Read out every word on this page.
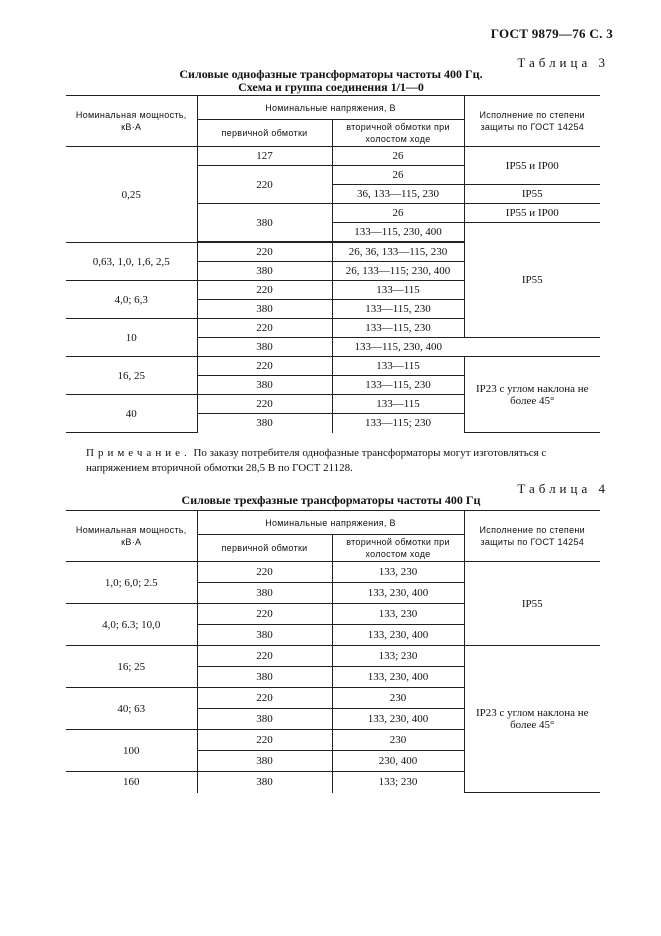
ГОСТ 9879—76 С. 3
Таблица 3
Силовые однофазные трансформаторы частоты 400 Гц.
Схема и группа соединения 1/1—0
Номинальная мощность, кВ·А	Номинальные напряжения, В		Исполнение по степени защиты по ГОСТ 14254
	первичной обмотки	вторичной обмотки при холостом ходе	
0,25	127	26	IP55 и IP00
	220	26	
		36, 133—115, 230	IP55
	380	26	IP55 и IP00
		133—115, 230, 400	IP55

0,63, 1,0, 1,6, 2,5	220	26, 36, 133—115, 230	
	380	26, 133—115; 230, 400	
4,0; 6,3	220	133—115	
	380	133—115, 230	
10	220	133—115, 230	
	380	133—115, 230, 400	
16, 25	220	133—115	IP23 с углом наклона не более 45°
	380	133—115, 230	
40	220	133—115	
	380	133—115; 230	
Примечание. По заказу потребителя однофазные трансформаторы могут изготовляться с напряжением вторичной обмотки 28,5 В по ГОСТ 21128.
Таблица 4
Силовые трехфазные трансформаторы частоты 400 Гц
Номинальная мощность, кВ·А	Номинальные напряжения, В		Исполнение по степени защиты по ГОСТ 14254
	первичной обмотки	вторичной обмотки при холостом ходе	
1,0; 6,0; 2.5	220	133, 230	IP55
	380	133, 230, 400	
4,0; 6.3; 10,0	220	133, 230	
	380	133, 230, 400	
16; 25	220	133; 230	IP23 с углом наклона не более 45°
	380	133, 230, 400	
40; 63	220	230	
	380	133, 230, 400	
100	220	230	
	380	230, 400	
160	380	133; 230	
